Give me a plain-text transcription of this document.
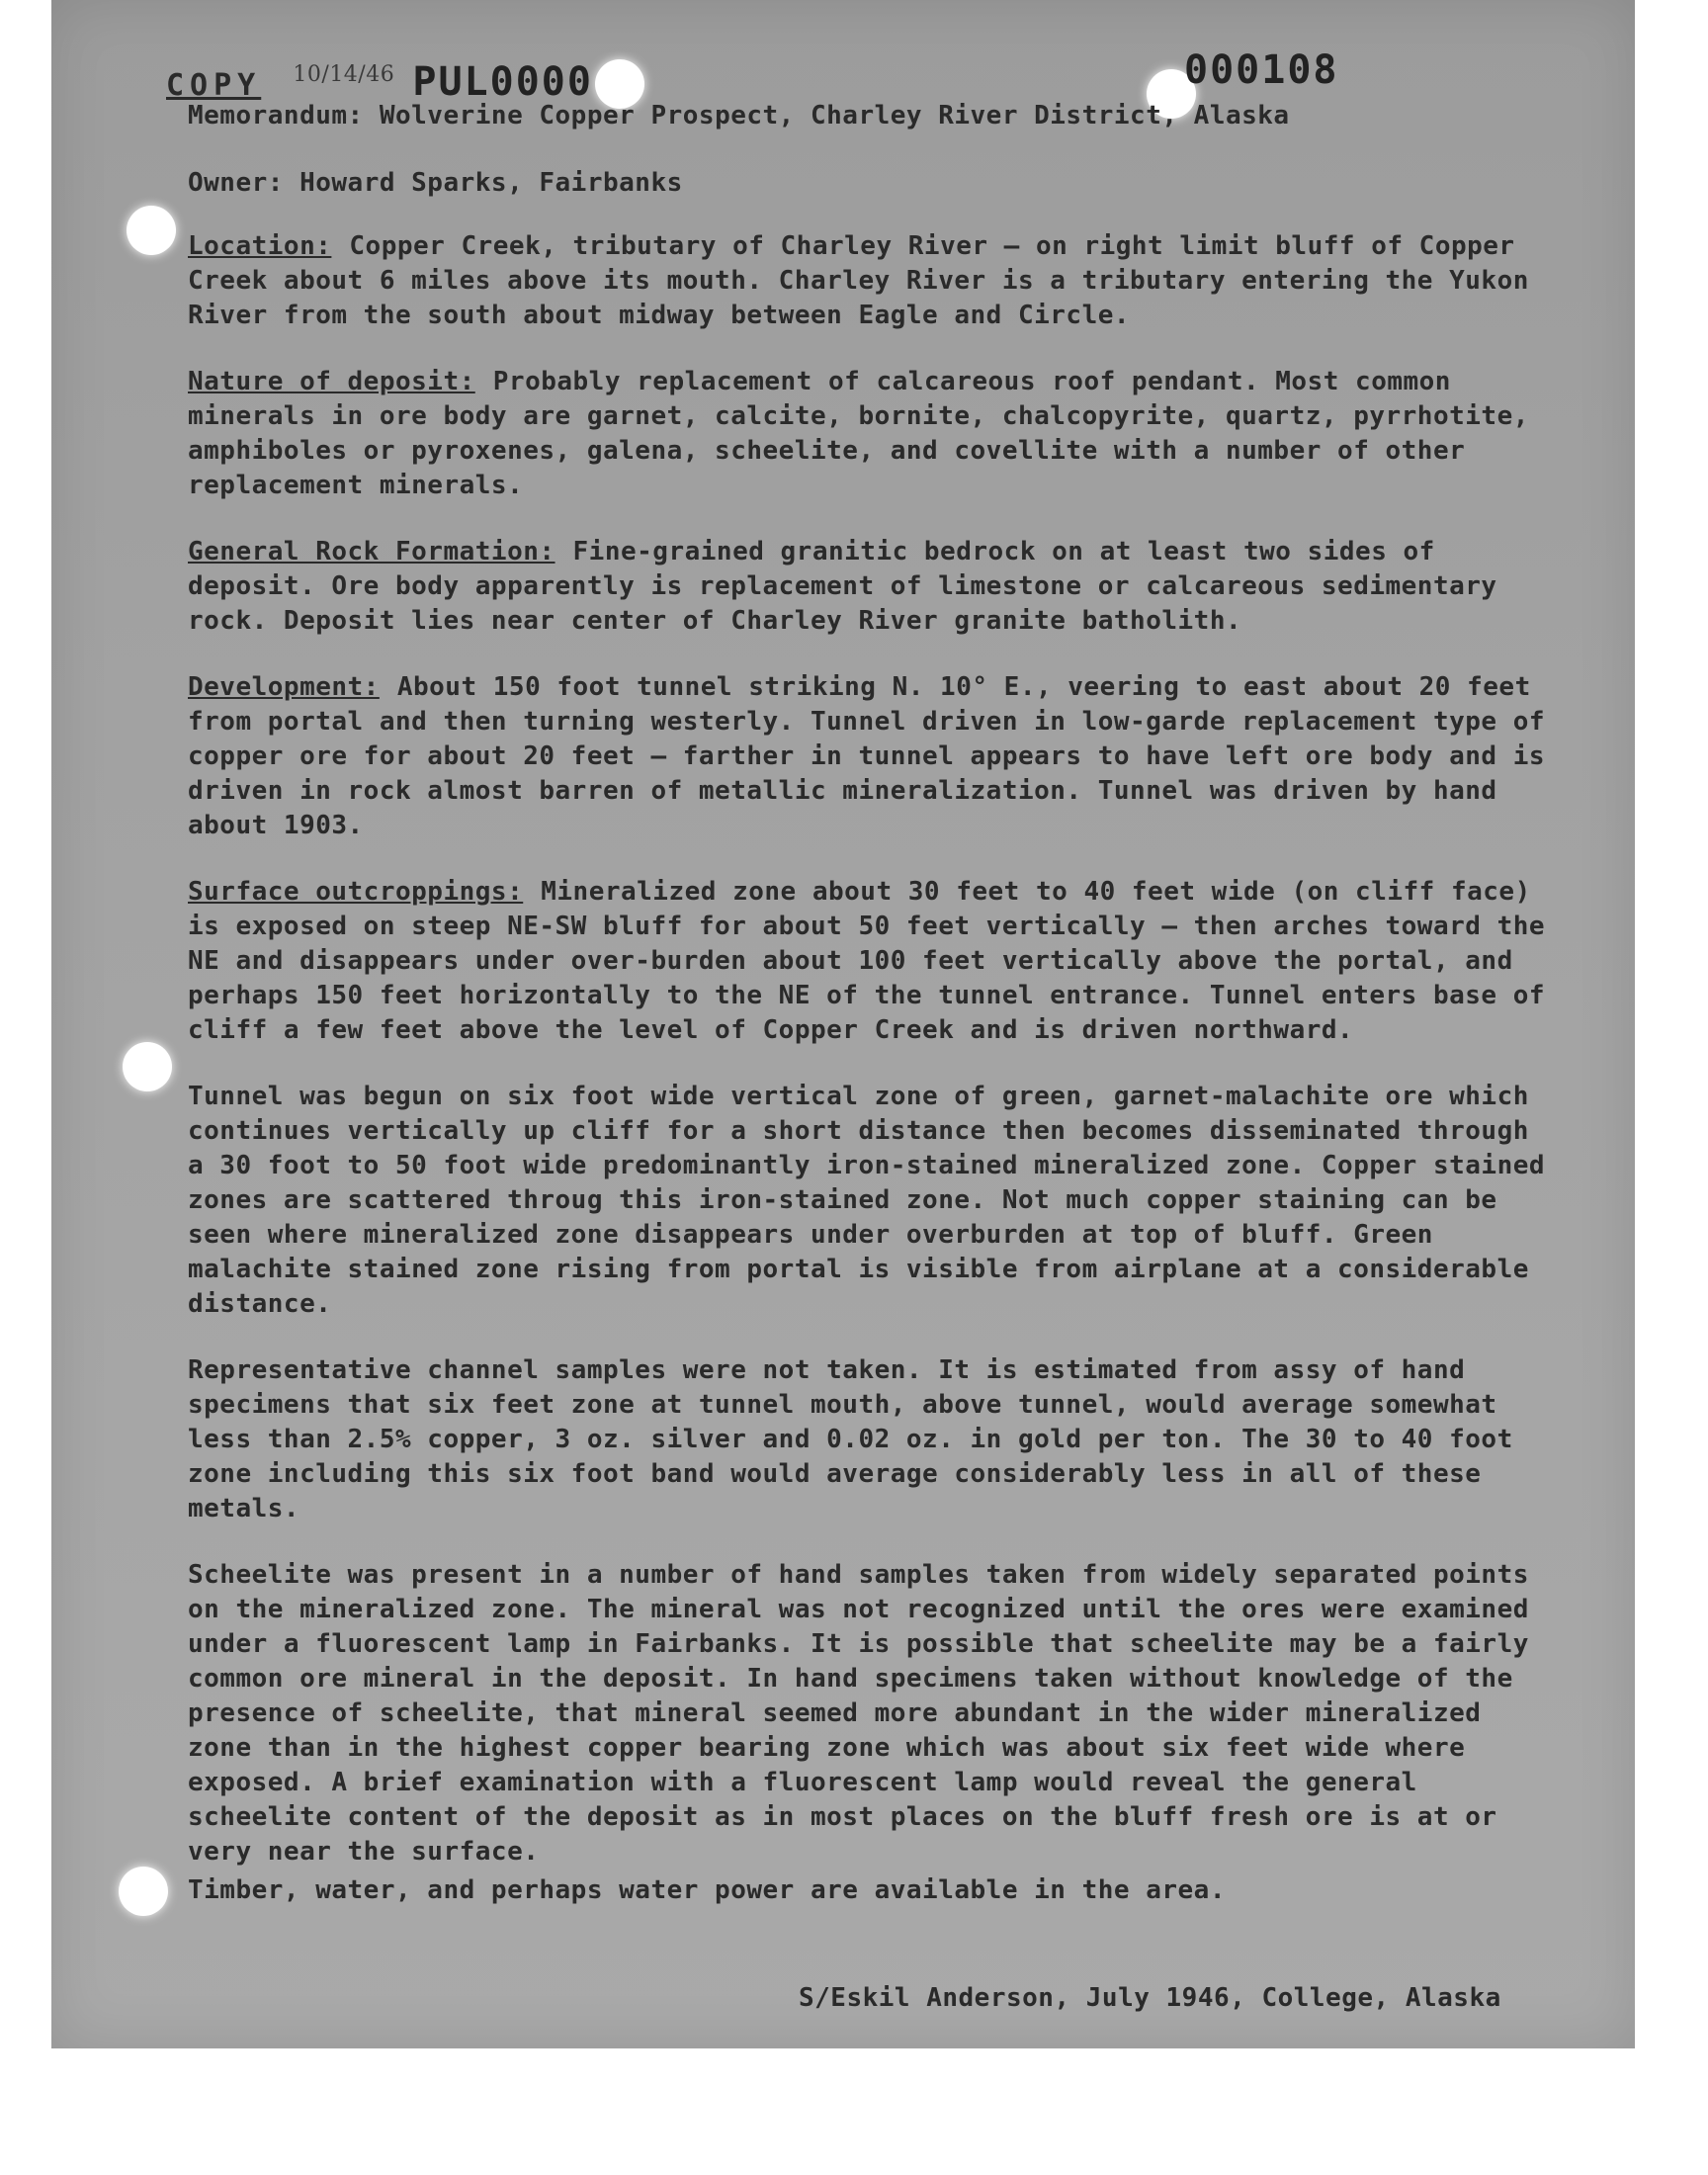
COPY $^{10/14/46}$ PUL0000	000108
Memorandum: Wolverine Copper Prospect, Charley River District, Alaska
Owner: Howard Sparks, Fairbanks

Location: Copper Creek, tributary of Charley River — on right limit bluff of Copper Creek about 6 miles above its mouth. Charley River is a tributary entering the Yukon River from the south about midway between Eagle and Circle.

Nature of deposit: Probably replacement of calcareous roof pendant. Most common minerals in ore body are garnet, calcite, bornite, chalcopyrite, quartz, pyrrhotite, amphiboles or pyroxenes, galena, scheelite, and covellite with a number of other replacement minerals.

General Rock Formation: Fine-grained granitic bedrock on at least two sides of deposit. Ore body apparently is replacement of limestone or calcareous sedimentary rock. Deposit lies near center of Charley River granite batholith.

Development: About 150 foot tunnel striking N. 10° E., veering to east about 20 feet from portal and then turning westerly. Tunnel driven in low-garde replacement type of copper ore for about 20 feet — farther in tunnel appears to have left ore body and is driven in rock almost barren of metallic mineralization. Tunnel was driven by hand about 1903.

Surface outcroppings: Mineralized zone about 30 feet to 40 feet wide (on cliff face) is exposed on steep NE-SW bluff for about 50 feet vertically — then arches toward the NE and disappears under over-burden about 100 feet vertically above the portal, and perhaps 150 feet horizontally to the NE of the tunnel entrance. Tunnel enters base of cliff a few feet above the level of Copper Creek and is driven northward.

Tunnel was begun on six foot wide vertical zone of green, garnet-malachite ore which continues vertically up cliff for a short distance then becomes disseminated through a 30 foot to 50 foot wide predominantly iron-stained mineralized zone. Copper stained zones are scattered throug this iron-stained zone. Not much copper staining can be seen where mineralized zone disappears under overburden at top of bluff. Green malachite stained zone rising from portal is visible from airplane at a considerable distance.

Representative channel samples were not taken. It is estimated from assy of hand specimens that six feet zone at tunnel mouth, above tunnel, would average somewhat less than 2.5% copper, 3 oz. silver and 0.02 oz. in gold per ton. The 30 to 40 foot zone including this six foot band would average considerably less in all of these metals.

Scheelite was present in a number of hand samples taken from widely separated points on the mineralized zone. The mineral was not recognized until the ores were examined under a fluorescent lamp in Fairbanks. It is possible that scheelite may be a fairly common ore mineral in the deposit. In hand specimens taken without knowledge of the presence of scheelite, that mineral seemed more abundant in the wider mineralized zone than in the highest copper bearing zone which was about six feet wide where exposed. A brief examination with a fluorescent lamp would reveal the general scheelite content of the deposit as in most places on the bluff fresh ore is at or very near the surface.

Timber, water, and perhaps water power are available in the area.

S/Eskil Anderson, July 1946, College, Alaska
